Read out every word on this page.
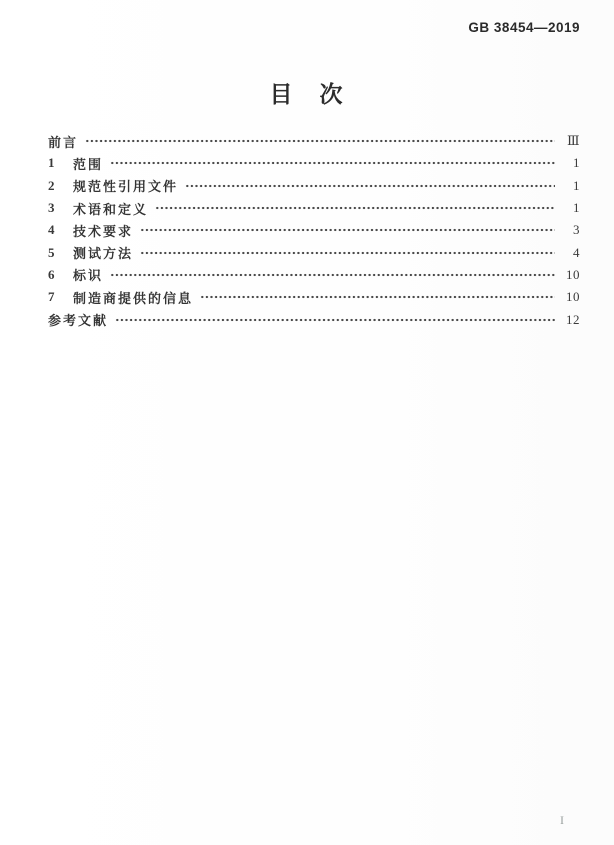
GB 38454—2019
目　次
前言	Ⅲ
1	范围	1
2	规范性引用文件	1
3	术语和定义	1
4	技术要求	3
5	测试方法	4
6	标识	10
7	制造商提供的信息	10
参考文献	12
I
